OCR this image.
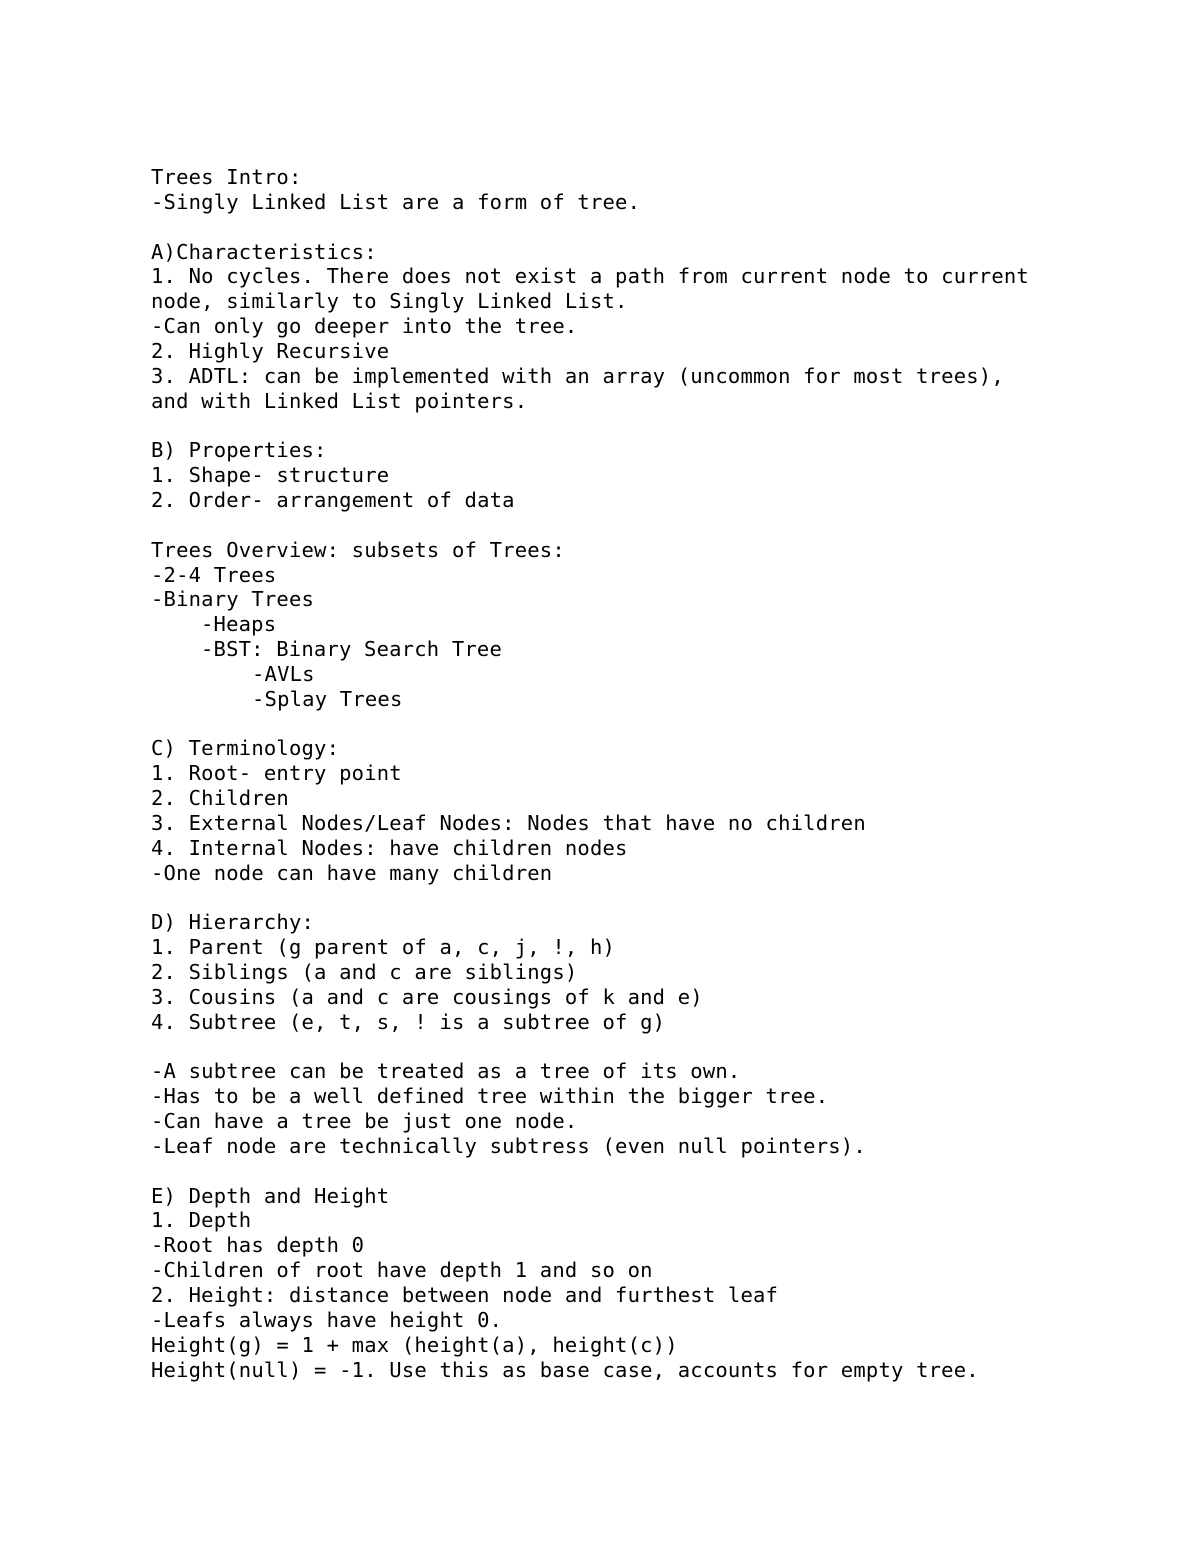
Trees Intro:
-Singly Linked List are a form of tree.
A)Characteristics:
1. No cycles. There does not exist a path from current node to current
node, similarly to Singly Linked List.
-Can only go deeper into the tree.
2. Highly Recursive
3. ADTL: can be implemented with an array (uncommon for most trees),
and with Linked List pointers.
B) Properties:
1. Shape- structure
2. Order- arrangement of data
Trees Overview: subsets of Trees:
-2-4 Trees
-Binary Trees
-Heaps
-BST: Binary Search Tree
-AVLs
-Splay Trees
C) Terminology:
1. Root- entry point
2. Children
3. External Nodes/Leaf Nodes: Nodes that have no children
4. Internal Nodes: have children nodes
-One node can have many children
D) Hierarchy:
1. Parent (g parent of a, c, j, !, h)
2. Siblings (a and c are siblings)
3. Cousins (a and c are cousings of k and e)
4. Subtree (e, t, s, ! is a subtree of g)
-A subtree can be treated as a tree of its own.
-Has to be a well defined tree within the bigger tree.
-Can have a tree be just one node.
-Leaf node are technically subtress (even null pointers).
E) Depth and Height
1. Depth
-Root has depth 0
-Children of root have depth 1 and so on
2. Height: distance between node and furthest leaf
-Leafs always have height 0.
Height(g) = 1 + max (height(a), height(c))
Height(null) = -1. Use this as base case, accounts for empty tree.
